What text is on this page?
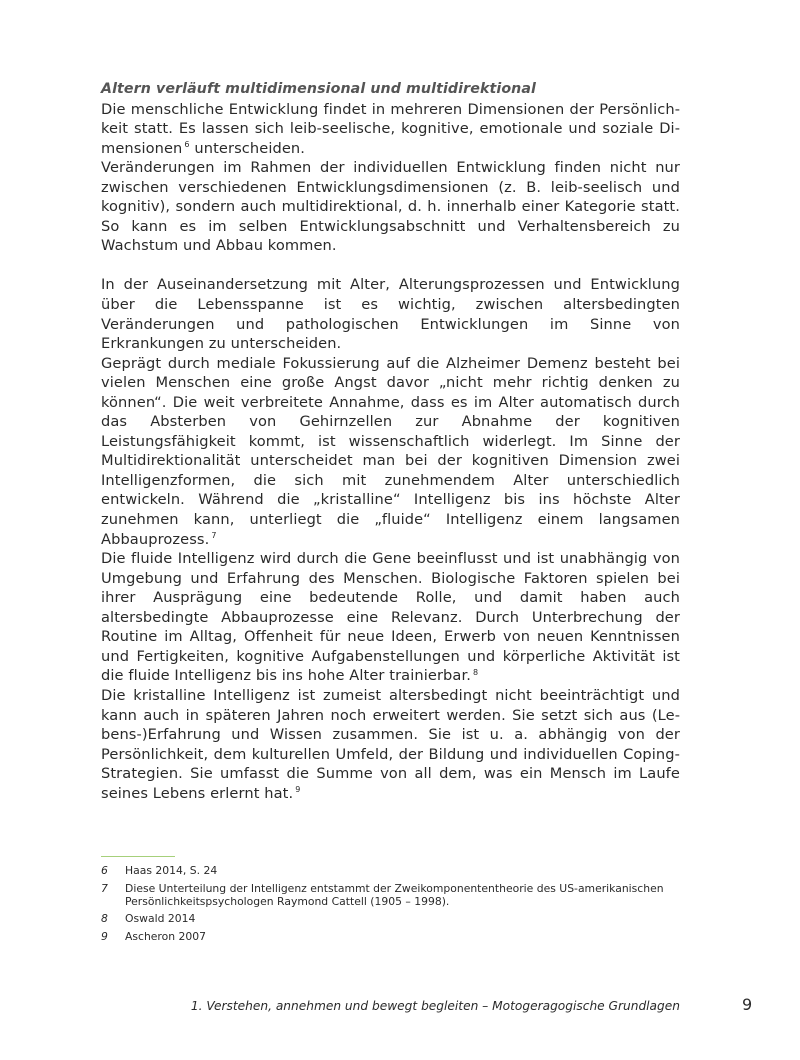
Altern verläuft multidimensional und multidirektional

Die menschliche Entwicklung findet in mehreren Dimensionen der Persönlichkeit statt. Es lassen sich leib-seelische, kognitive, emotionale und soziale Dimensionen $^6$ unterscheiden.

Veränderungen im Rahmen der individuellen Entwicklung finden nicht nur zwischen verschiedenen Entwicklungsdimensionen (z. B. leib-seelisch und kognitiv), sondern auch multidirektional, d. h. innerhalb einer Kategorie statt. So kann es im selben Entwicklungsabschnitt und Verhaltensbereich zu Wachstum und Abbau kommen.

In der Auseinandersetzung mit Alter, Alterungsprozessen und Entwicklung über die Lebensspanne ist es wichtig, zwischen altersbedingten Veränderungen und pathologischen Entwicklungen im Sinne von Erkrankungen zu unterscheiden.

Geprägt durch mediale Fokussierung auf die Alzheimer Demenz besteht bei vielen Menschen eine große Angst davor „nicht mehr richtig denken zu können“. Die weit verbreitete Annahme, dass es im Alter automatisch durch das Absterben von Gehirnzellen zur Abnahme der kognitiven Leistungsfähigkeit kommt, ist wissenschaftlich widerlegt. Im Sinne der Multidirektionalität unterscheidet man bei der kognitiven Dimension zwei Intelligenzformen, die sich mit zunehmendem Alter unterschiedlich entwickeln. Während die „kristalline“ Intelligenz bis ins höchste Alter zunehmen kann, unterliegt die „fluide“ Intelligenz einem langsamen Abbauprozess. $^7$

Die fluide Intelligenz wird durch die Gene beeinflusst und ist unabhängig von Umgebung und Erfahrung des Menschen. Biologische Faktoren spielen bei ihrer Ausprägung eine bedeutende Rolle, und damit haben auch altersbedingte Abbauprozesse eine Relevanz. Durch Unterbrechung der Routine im Alltag, Offenheit für neue Ideen, Erwerb von neuen Kenntnissen und Fertigkeiten, kognitive Aufgabenstellungen und körperliche Aktivität ist die fluide Intelligenz bis ins hohe Alter trainierbar. $^8$

Die kristalline Intelligenz ist zumeist altersbedingt nicht beeinträchtigt und kann auch in späteren Jahren noch erweitert werden. Sie setzt sich aus (Lebens-)Erfahrung und Wissen zusammen. Sie ist u. a. abhängig von der Persönlichkeit, dem kulturellen Umfeld, der Bildung und individuellen Coping-Strategien. Sie umfasst die Summe von all dem, was ein Mensch im Laufe seines Lebens erlernt hat. $^9$

6	Haas 2014, S. 24
7	Diese Unterteilung der Intelligenz entstammt der Zweikomponententheorie des US-amerikanischen Persönlichkeitspsychologen Raymond Cattell (1905 – 1998).
8	Oswald 2014
9	Ascheron 2007
1. Verstehen, annehmen und bewegt begleiten – Motogeragogische Grundlagen	9
